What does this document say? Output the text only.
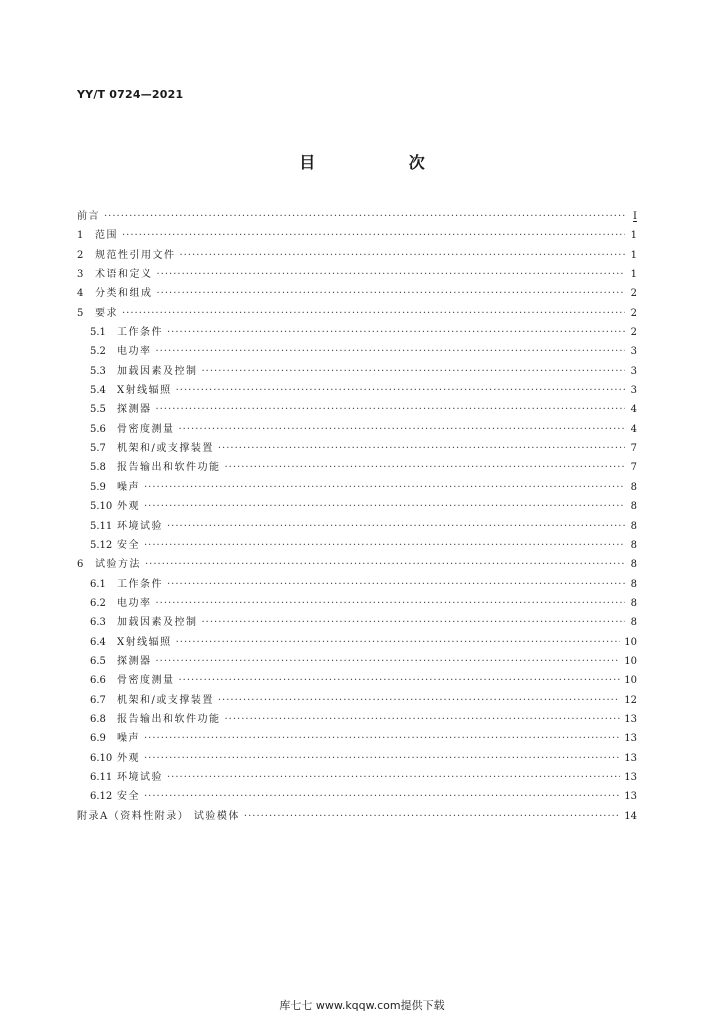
YY/T 0724—2021
目 次
前言 ·····	I
1	范围 ·····	1
2	规范性引用文件 ·····	1
3	术语和定义 ·····	1
4	分类和组成 ·····	2
5	要求 ·····	2
5.1	工作条件 ·····	2
5.2	电功率 ·····	3
5.3	加载因素及控制 ·····	3
5.4	X射线辐照 ·····	3
5.5	探测器 ·····	4
5.6	骨密度测量 ·····	4
5.7	机架和/或支撑装置 ·····	7
5.8	报告输出和软件功能 ·····	7
5.9	噪声 ·····	8
5.10 外观 ·····	8
5.11 环境试验 ·····	8
5.12 安全 ·····	8
6	试验方法 ·····	8
6.1	工作条件 ·····	8
6.2	电功率 ·····	8
6.3	加载因素及控制 ·····	8
6.4	X射线辐照 ·····	10
6.5	探测器 ·····	10
6.6	骨密度测量 ·····	10
6.7	机架和/或支撑装置 ·····	12
6.8	报告输出和软件功能 ·····	13
6.9	噪声 ·····	13
6.10 外观 ·····	13
6.11 环境试验 ·····	13
6.12 安全 ·····	13
附录A（资料性附录） 试验模体 ·····	14
库七七 www.kqqw.com提供下载
